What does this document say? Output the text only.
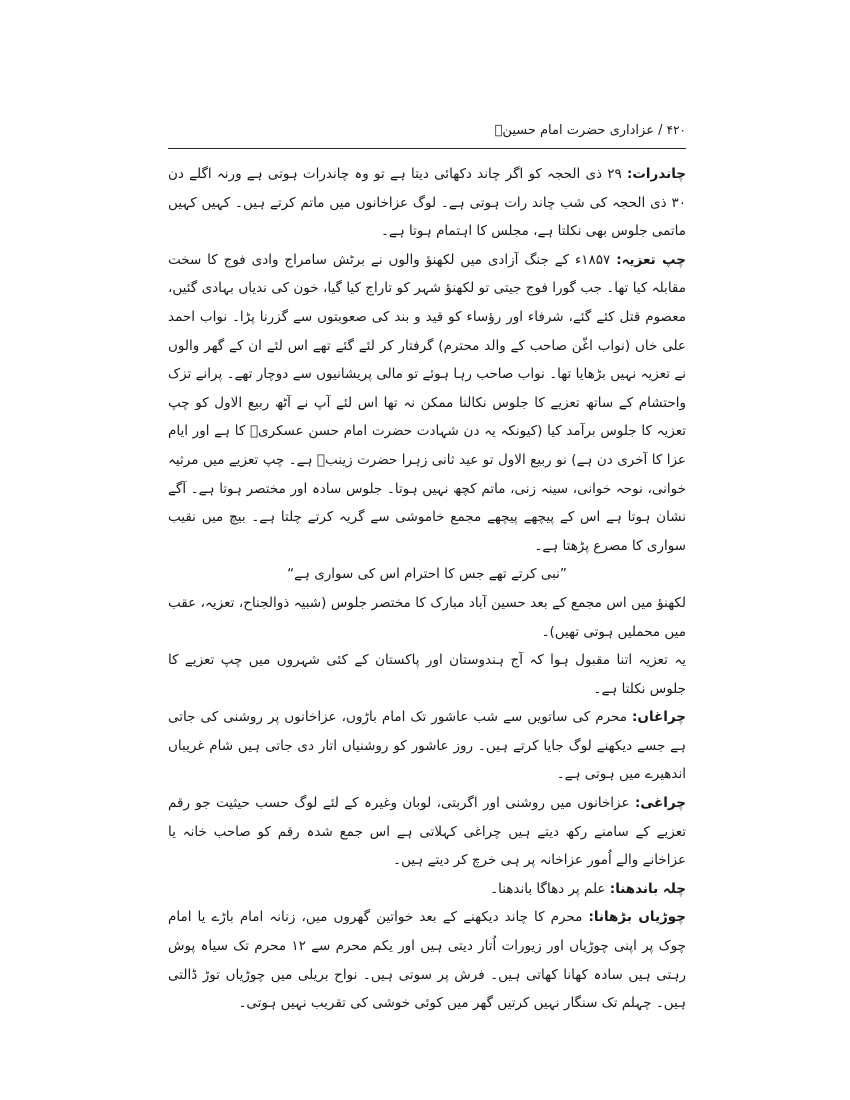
۴۲۰ / عزاداری حضرت امام حسینؑ

چاندرات: ۲۹ ذی الحجہ کو اگر چاند دکھائی دیتا ہے تو وہ چاندرات ہوتی ہے ورنہ اگلے دن ۳۰ ذی الحجہ کی شب چاند رات ہوتی ہے۔ لوگ عزاخانوں میں ماتم کرتے ہیں۔ کہیں کہیں ماتمی جلوس بھی نکلتا ہے، مجلس کا اہتمام ہوتا ہے۔

چپ تعزیہ: ۱۸۵۷ء کے جنگ آزادی میں لکھنؤ والوں نے برٹش سامراج وادی فوج کا سخت مقابلہ کیا تھا۔ جب گورا فوج جیتی تو لکھنؤ شہر کو تاراج کیا گیا، خون کی ندیاں بہادی گئیں، معصوم قتل کئے گئے، شرفاء اور رؤساء کو قید و بند کی صعوبتوں سے گزرنا پڑا۔ نواب احمد علی خاں (نواب اغّن صاحب کے والد محترم) گرفتار کر لئے گئے تھے اس لئے ان کے گھر والوں نے تعزیہ نہیں بڑھایا تھا۔ نواب صاحب رہا ہوئے تو مالی پریشانیوں سے دوچار تھے۔ پرانے تزک واحتشام کے ساتھ تعزیے کا جلوس نکالنا ممکن نہ تھا اس لئے آپ نے آٹھ ربیع الاول کو چپ تعزیہ کا جلوس برآمد کیا (کیونکہ یہ دن شہادت حضرت امام حسن عسکریؑ کا ہے اور ایام عزا کا آخری دن ہے) نو ربیع الاول تو عید ثانی زہرا حضرت زینبؑ ہے۔ چپ تعزیے میں مرثیہ خوانی، نوحہ خوانی، سینہ زنی، ماتم کچھ نہیں ہوتا۔ جلوس سادہ اور مختصر ہوتا ہے۔ آگے نشان ہوتا ہے اس کے پیچھے پیچھے مجمع خاموشی سے گریہ کرتے چلتا ہے۔ بیچ میں نقیب سواری کا مصرع پڑھتا ہے۔

”نبی کرتے تھے جس کا احترام اس کی سواری ہے“

لکھنؤ میں اس مجمع کے بعد حسین آباد مبارک کا مختصر جلوس (شبیہ ذوالجناح، تعزیہ، عقب میں محملیں ہوتی تھیں)۔

یہ تعزیہ اتنا مقبول ہوا کہ آج ہندوستان اور پاکستان کے کئی شہروں میں چپ تعزیے کا جلوس نکلتا ہے۔

چراغاں: محرم کی ساتویں سے شب عاشور تک امام باڑوں، عزاخانوں پر روشنی کی جاتی ہے جسے دیکھنے لوگ جایا کرتے ہیں۔ روز عاشور کو روشنیاں اتار دی جاتی ہیں شام غریباں اندھیرے میں ہوتی ہے۔

چراغی: عزاخانوں میں روشنی اور اگربتی، لوبان وغیرہ کے لئے لوگ حسب حیثیت جو رقم تعزیے کے سامنے رکھ دیتے ہیں چراغی کہلاتی ہے اس جمع شدہ رقم کو صاحب خانہ یا عزاخانے والے اُمور عزاخانہ پر ہی خرچ کر دیتے ہیں۔

چلہ باندھنا: علم پر دھاگا باندھنا۔

چوڑیاں بڑھانا: محرم کا چاند دیکھنے کے بعد خواتین گھروں میں، زنانہ امام باڑے یا امام چوک پر اپنی چوڑیاں اور زیورات اُتار دیتی ہیں اور یکم محرم سے ۱۲ محرم تک سیاہ پوش رہتی ہیں سادہ کھانا کھاتی ہیں۔ فرش پر سوتی ہیں۔ نواح بریلی میں چوڑیاں توڑ ڈالتی ہیں۔ چہلم تک سنگار نہیں کرتیں گھر میں کوئی خوشی کی تقریب نہیں ہوتی۔
